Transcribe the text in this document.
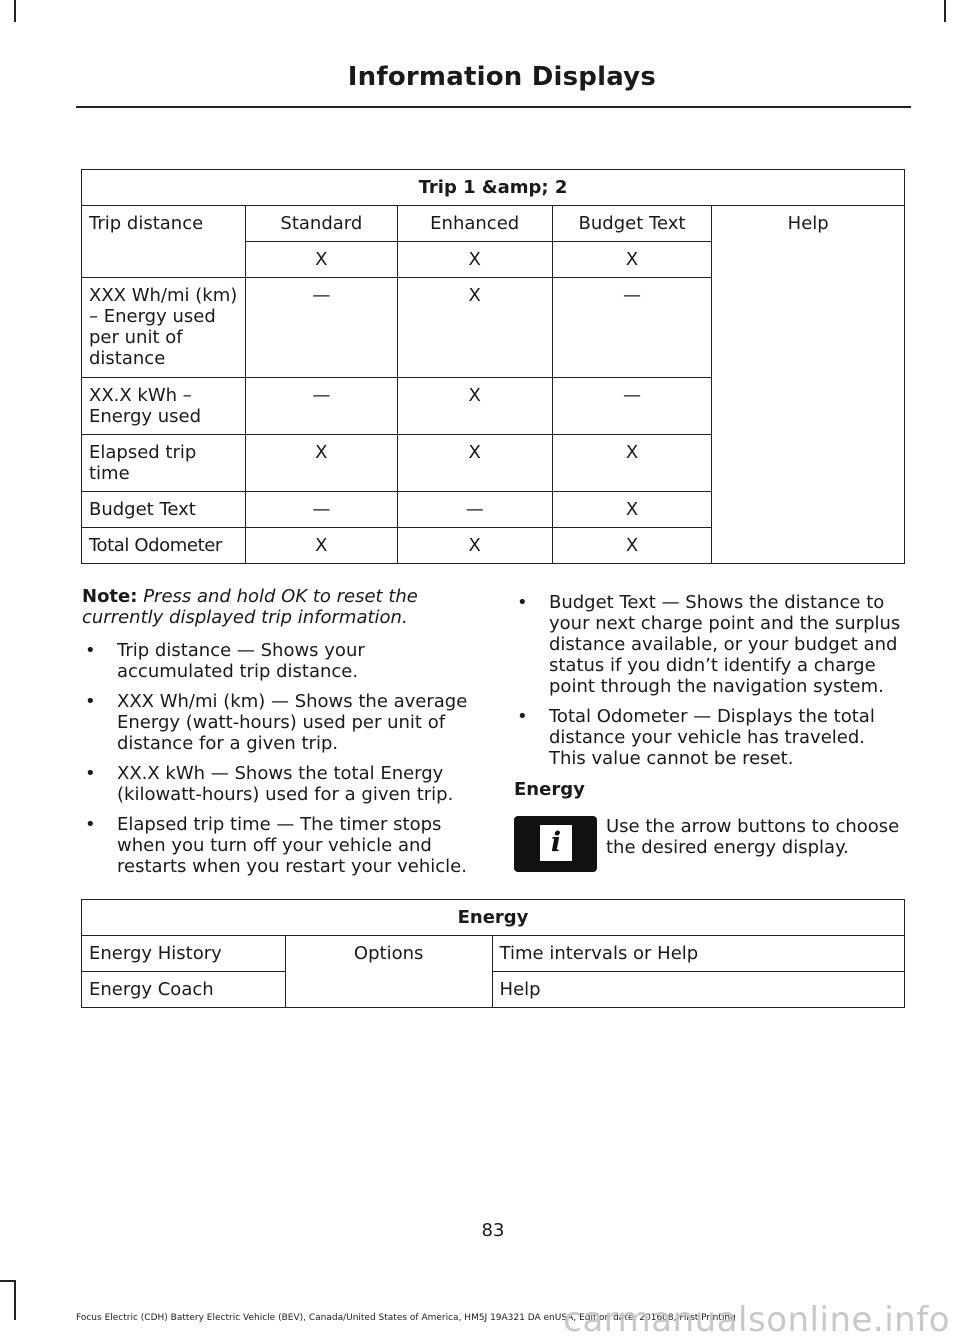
Information Displays
Trip 1 &amp; 2				
Trip distance	Standard	Enhanced	Budget Text	Help
	X	X	X	
XXX Wh/mi (km) – Energy used per unit of distance	—	X	—	
XX.X kWh –Energy used	—	X	—	
Elapsed trip time	X	X	X	
Budget Text	—	—	X	
Total Odometer	X	X	X	

Note: Press and hold OK to reset the currently displayed trip information.

• Trip distance — Shows your accumulated trip distance.
• XXX Wh/mi (km) — Shows the average Energy (watt-hours) used per unit of distance for a given trip.
• XX.X kWh — Shows the total Energy (kilowatt-hours) used for a given trip.
• Elapsed trip time — The timer stops when you turn off your vehicle and restarts when you restart your vehicle.
• Budget Text — Shows the distance to your next charge point and the surplus distance available, or your budget and status if you didn’t identify a charge point through the navigation system.
• Total Odometer — Displays the total distance your vehicle has traveled. This value cannot be reset.
Energy
i
Use the arrow buttons to choose the desired energy display.
Energy		
Energy History	Options	Time intervals or Help
Energy Coach		Help
83
Focus Electric (CDH) Battery Electric Vehicle (BEV), Canada/United States of America, HM5J 19A321 DA enUSA, Edition date: 201608, First Printing
carmanualsonline.info
